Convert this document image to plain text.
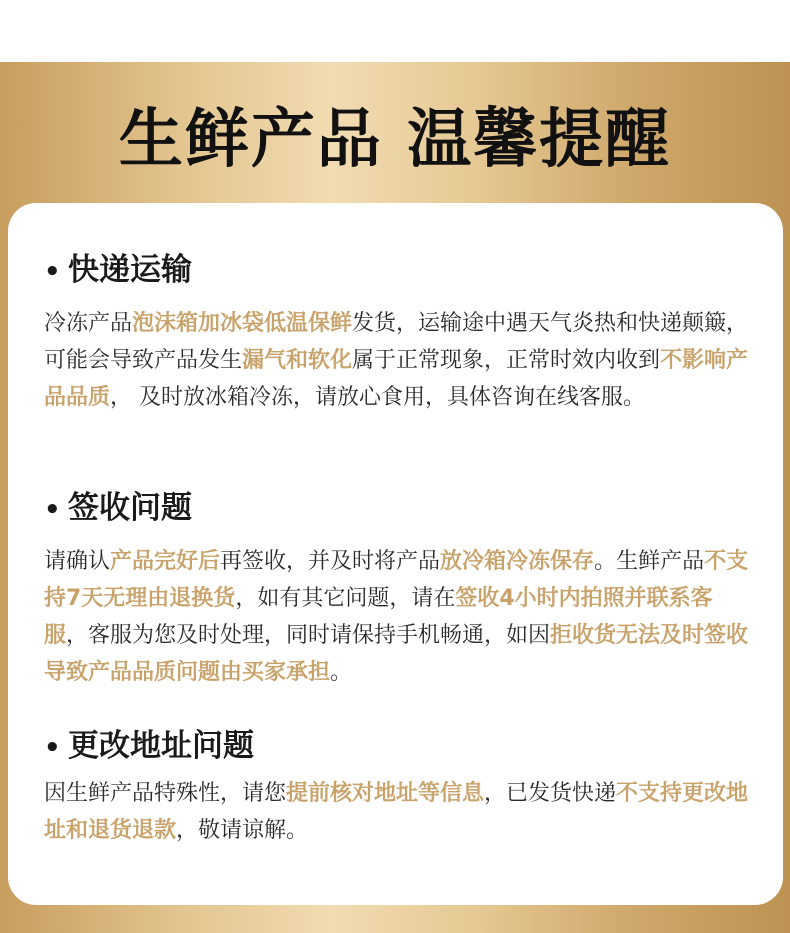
生鲜产品 温馨提醒
• 快递运输
冷冻产品泡沫箱加冰袋低温保鲜发货，运输途中遇天气炎热和快递颠簸，可能会导致产品发生漏气和软化属于正常现象，正常时效内收到不影响产品品质， 及时放冰箱冷冻，请放心食用，具体咨询在线客服。
• 签收问题
请确认产品完好后再签收，并及时将产品放冷箱冷冻保存。生鲜产品不支持7天无理由退换货，如有其它问题，请在签收4小时内拍照并联系客服，客服为您及时处理，同时请保持手机畅通，如因拒收货无法及时签收导致产品品质问题由买家承担。
• 更改地址问题
因生鲜产品特殊性，请您提前核对地址等信息，已发货快递不支持更改地址和退货退款，敬请谅解。
